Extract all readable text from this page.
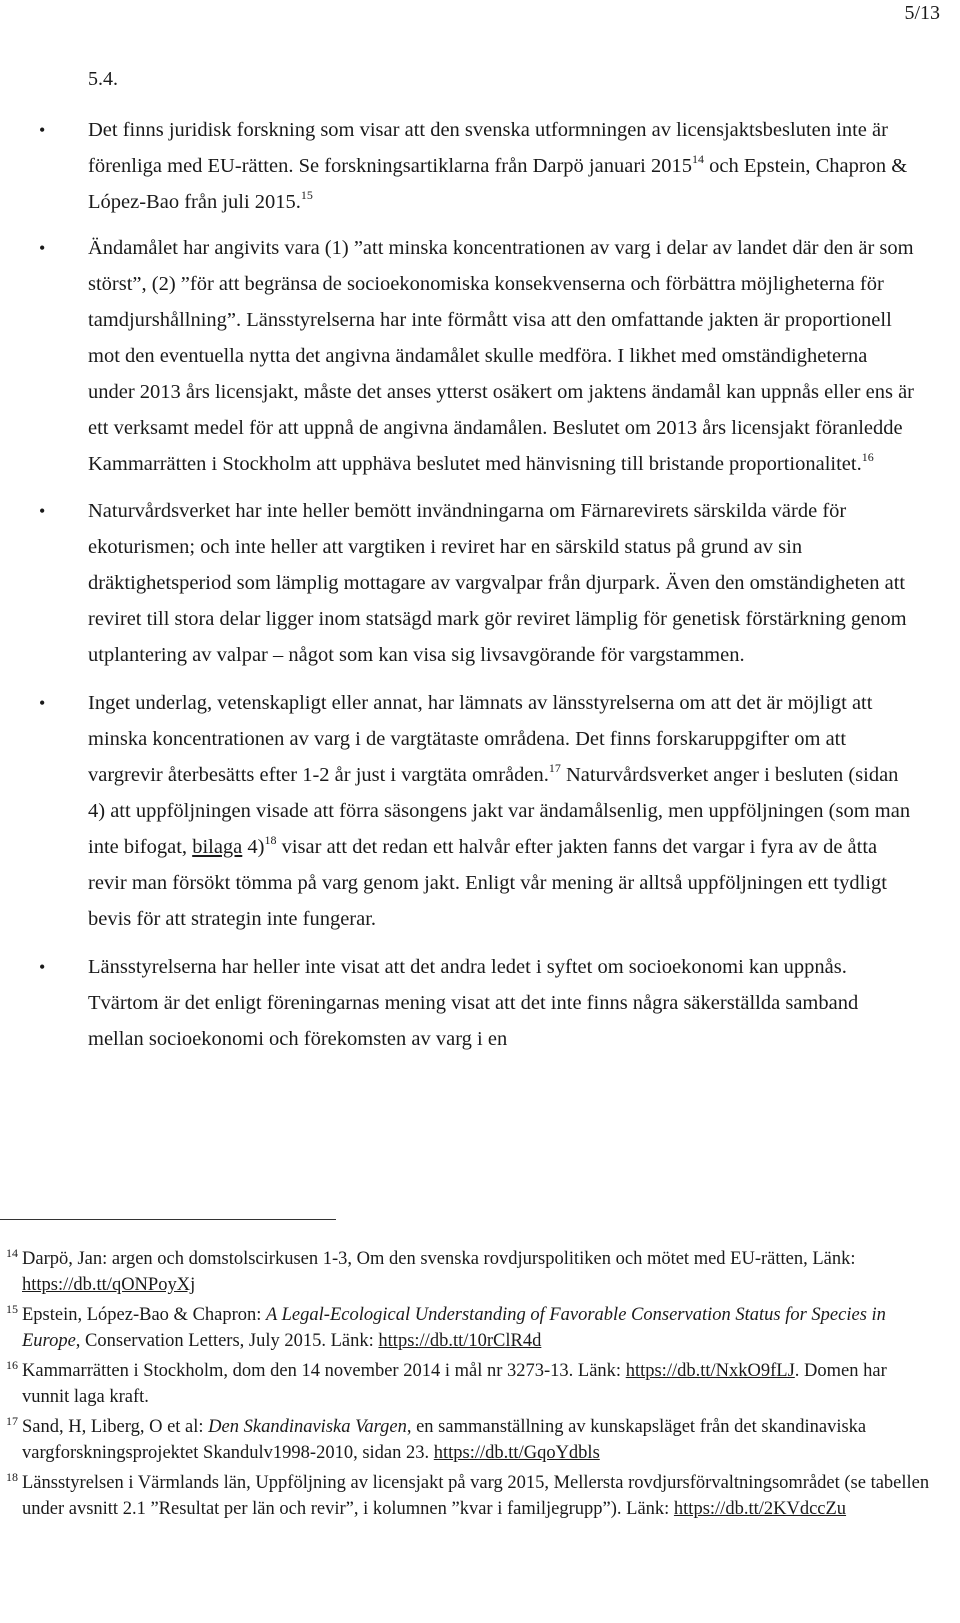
5/13
5.4.
• Det finns juridisk forskning som visar att den svenska utformningen av licensjaktsbesluten inte är förenliga med EU-rätten. Se forskningsartiklarna från Darpö januari 2015$^{14}$ och Epstein, Chapron & López-Bao från juli 2015.15
• Ändamålet har angivits vara (1) ”att minska koncentrationen av varg i delar av landet där den är som störst”, (2) ”för att begränsa de socioekonomiska konsekvenserna och förbättra möjligheterna för tamdjurshållning”. Länsstyrelserna har inte förmått visa att den omfattande jakten är proportionell mot den eventuella nytta det angivna ändamålet skulle medföra. I likhet med omständigheterna under 2013 års licensjakt, måste det anses ytterst osäkert om jaktens ändamål kan uppnås eller ens är ett verksamt medel för att uppnå de angivna ändamålen. Beslutet om 2013 års licensjakt föranledde Kammarrätten i Stockholm att upphäva beslutet med hänvisning till bristande proportionalitet.$^{16}$
• Naturvårdsverket har inte heller bemött invändningarna om Färnarevirets särskilda värde för ekoturismen; och inte heller att vargtiken i reviret har en särskild status på grund av sin dräktighetsperiod som lämplig mottagare av vargvalpar från djurpark. Även den omständigheten att reviret till stora delar ligger inom statsägd mark gör reviret lämplig för genetisk förstärkning genom utplantering av valpar – något som kan visa sig livsavgörande för vargstammen.
• Inget underlag, vetenskapligt eller annat, har lämnats av länsstyrelserna om att det är möjligt att minska koncentrationen av varg i de vargtätaste områdena. Det finns forskaruppgifter om att vargrevir återbesätts efter 1-2 år just i vargtäta områden.$^{17}$ Naturvårdsverket anger i besluten (sidan 4) att uppföljningen visade att förra säsongens jakt var ändamålsenlig, men uppföljningen (som man inte bifogat, bilaga 4)$^{18}$ visar att det redan ett halvår efter jakten fanns det vargar i fyra av de åtta revir man försökt tömma på varg genom jakt. Enligt vår mening är alltså uppföljningen ett tydligt bevis för att strategin inte fungerar.
• Länsstyrelserna har heller inte visat att det andra ledet i syftet om socioekonomi kan uppnås. Tvärtom är det enligt föreningarnas mening visat att det inte finns några säkerställda samband mellan socioekonomi och förekomsten av varg i en

14 Darpö, Jan: argen och domstolscirkusen 1-3, Om den svenska rovdjurspolitiken och mötet med EU-rätten, Länk: https://db.tt/qONPoyXj

15 Epstein, López-Bao & Chapron: A Legal-Ecological Understanding of Favorable Conservation Status for Species in Europe, Conservation Letters, July 2015. Länk: https://db.tt/10rClR4d

16 Kammarrätten i Stockholm, dom den 14 november 2014 i mål nr 3273-13. Länk: https://db.tt/NxkO9fLJ. Domen har vunnit laga kraft.

17 Sand, H, Liberg, O et al: Den Skandinaviska Vargen, en sammanställning av kunskapsläget från det skandinaviska vargforskningsprojektet Skandulv1998-2010, sidan 23. https://db.tt/GqoYdbls

18 Länsstyrelsen i Värmlands län, Uppföljning av licensjakt på varg 2015, Mellersta rovdjursförvaltningsområdet (se tabellen under avsnitt 2.1 ”Resultat per län och revir”, i kolumnen ”kvar i familjegrupp”). Länk: https://db.tt/2KVdccZu
